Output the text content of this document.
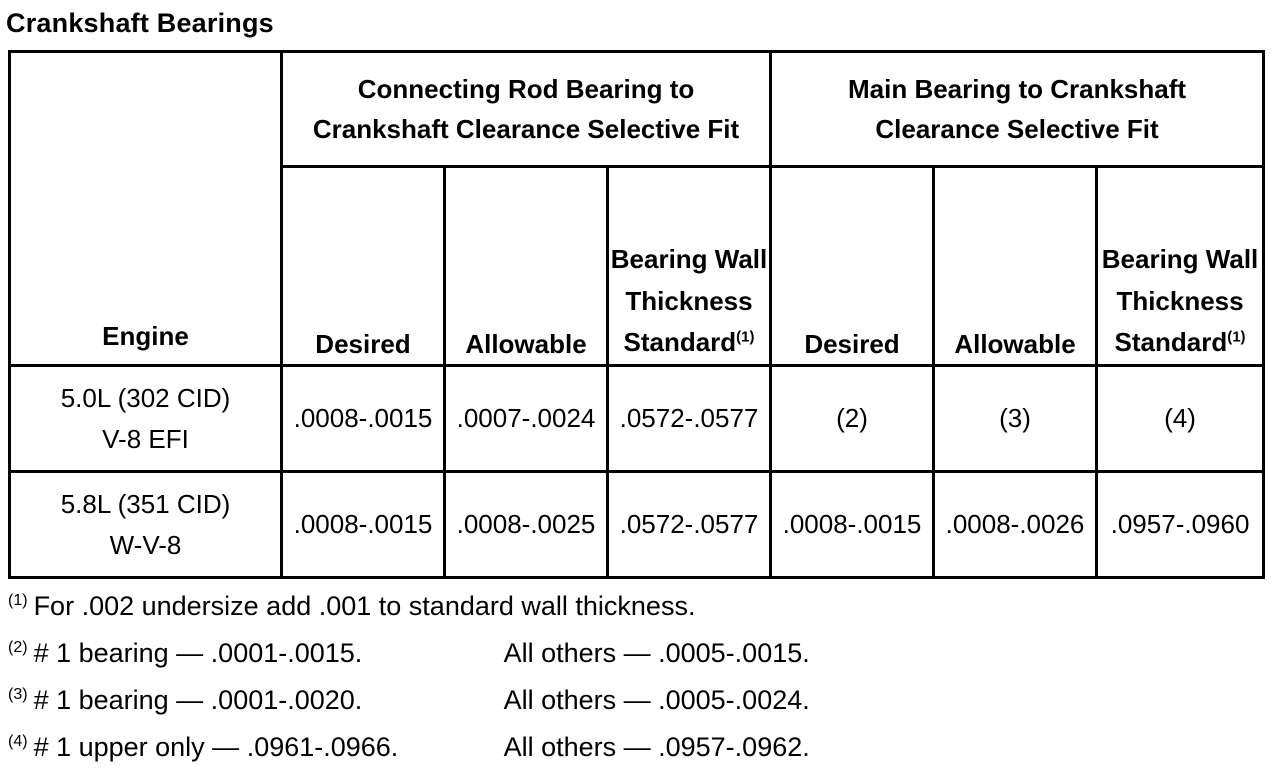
Crankshaft Bearings
Engine	Connecting Rod Bearing to Crankshaft Clearance Selective Fit			Main Bearing to Crankshaft Clearance Selective Fit		
	Desired	Allowable	Bearing Wall Thickness Standard$^{(1)}$	Desired	Allowable	Bearing Wall Thickness Standard$^{(1)}$

5.0L (302 CID)
V-8 EFI	.0008-.0015	.0007-.0024	.0572-.0577	(2)	(3)	(4)

5.8L (351 CID)
W-V-8	.0008-.0015	.0008-.0025	.0572-.0577	.0008-.0015	.0008-.0026	.0957-.0960
(1) For .002 undersize add .001 to standard wall thickness.
(2) # 1 bearing — .0001-.0015.	All others — .0005-.0015.
(3) # 1 bearing — .0001-.0020.	All others — .0005-.0024.
(4) # 1 upper only — .0961-.0966.	All others — .0957-.0962.
